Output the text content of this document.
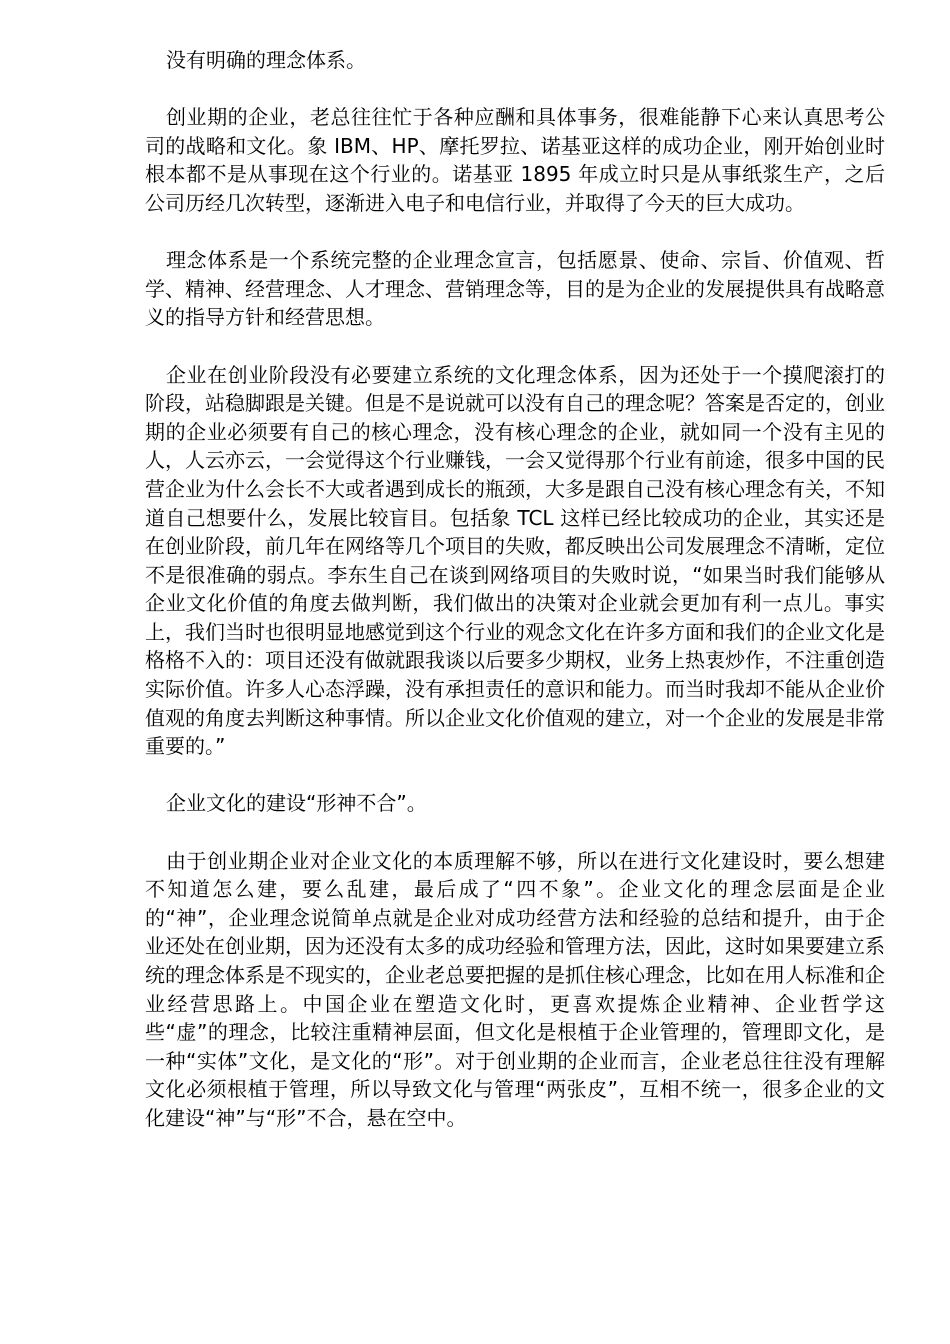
没有明确的理念体系。

创业期的企业，老总往往忙于各种应酬和具体事务，很难能静下心来认真思考公司的战略和文化。象 IBM、HP、摩托罗拉、诺基亚这样的成功企业，刚开始创业时根本都不是从事现在这个行业的。诺基亚 1895 年成立时只是从事纸浆生产，之后公司历经几次转型，逐渐进入电子和电信行业，并取得了今天的巨大成功。

理念体系是一个系统完整的企业理念宣言，包括愿景、使命、宗旨、价值观、哲学、精神、经营理念、人才理念、营销理念等，目的是为企业的发展提供具有战略意义的指导方针和经营思想。

企业在创业阶段没有必要建立系统的文化理念体系，因为还处于一个摸爬滚打的阶段，站稳脚跟是关键。但是不是说就可以没有自己的理念呢？答案是否定的，创业期的企业必须要有自己的核心理念，没有核心理念的企业，就如同一个没有主见的人，人云亦云，一会觉得这个行业赚钱，一会又觉得那个行业有前途，很多中国的民营企业为什么会长不大或者遇到成长的瓶颈，大多是跟自己没有核心理念有关，不知道自己想要什么，发展比较盲目。包括象 TCL 这样已经比较成功的企业，其实还是在创业阶段，前几年在网络等几个项目的失败，都反映出公司发展理念不清晰，定位不是很准确的弱点。李东生自己在谈到网络项目的失败时说，“如果当时我们能够从企业文化价值的角度去做判断，我们做出的决策对企业就会更加有利一点儿。事实上，我们当时也很明显地感觉到这个行业的观念文化在许多方面和我们的企业文化是格格不入的：项目还没有做就跟我谈以后要多少期权，业务上热衷炒作，不注重创造实际价值。许多人心态浮躁，没有承担责任的意识和能力。而当时我却不能从企业价值观的角度去判断这种事情。所以企业文化价值观的建立，对一个企业的发展是非常重要的。”

企业文化的建设“形神不合”。

由于创业期企业对企业文化的本质理解不够，所以在进行文化建设时，要么想建不知道怎么建，要么乱建，最后成了“四不象”。企业文化的理念层面是企业的“神”，企业理念说简单点就是企业对成功经营方法和经验的总结和提升，由于企业还处在创业期，因为还没有太多的成功经验和管理方法，因此，这时如果要建立系统的理念体系是不现实的，企业老总要把握的是抓住核心理念，比如在用人标准和企业经营思路上。中国企业在塑造文化时，更喜欢提炼企业精神、企业哲学这些“虚”的理念，比较注重精神层面，但文化是根植于企业管理的，管理即文化，是一种“实体”文化，是文化的“形”。对于创业期的企业而言，企业老总往往没有理解文化必须根植于管理，所以导致文化与管理“两张皮”，互相不统一，很多企业的文化建设“神”与“形”不合，悬在空中。
